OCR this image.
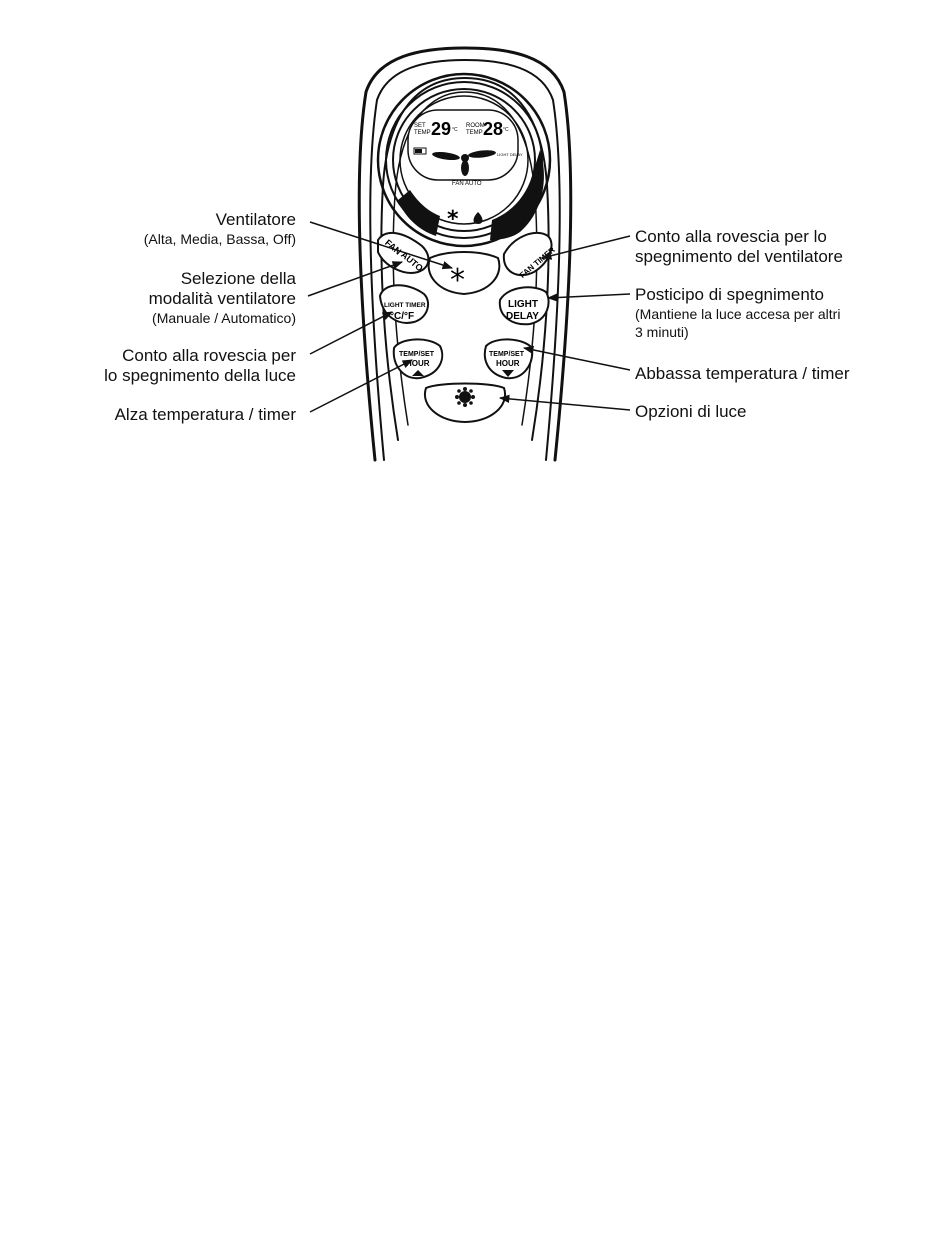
SET
TEMP 29 °C
ROOM
TEMP 28 °C
LIGHT DELAY
FAN AUTO
*
FAN
AUTO
*
FAN TIMER
LIGHT TIMER
°C/°F
LIGHT
DELAY
TEMP/SET
HOUR
TEMP/SET
HOUR
Ventilatore
(Alta, Media, Bassa, Off)
Selezione della
modalità ventilatore
(Manuale / Automatico)
Conto alla rovescia per
lo spegnimento della luce
Alza temperatura / timer
Conto alla rovescia per lo
spegnimento del ventilatore
Posticipo di spegnimento
(Mantiene la luce accesa per altri
3 minuti)
Abbassa temperatura / timer
Opzioni di luce
